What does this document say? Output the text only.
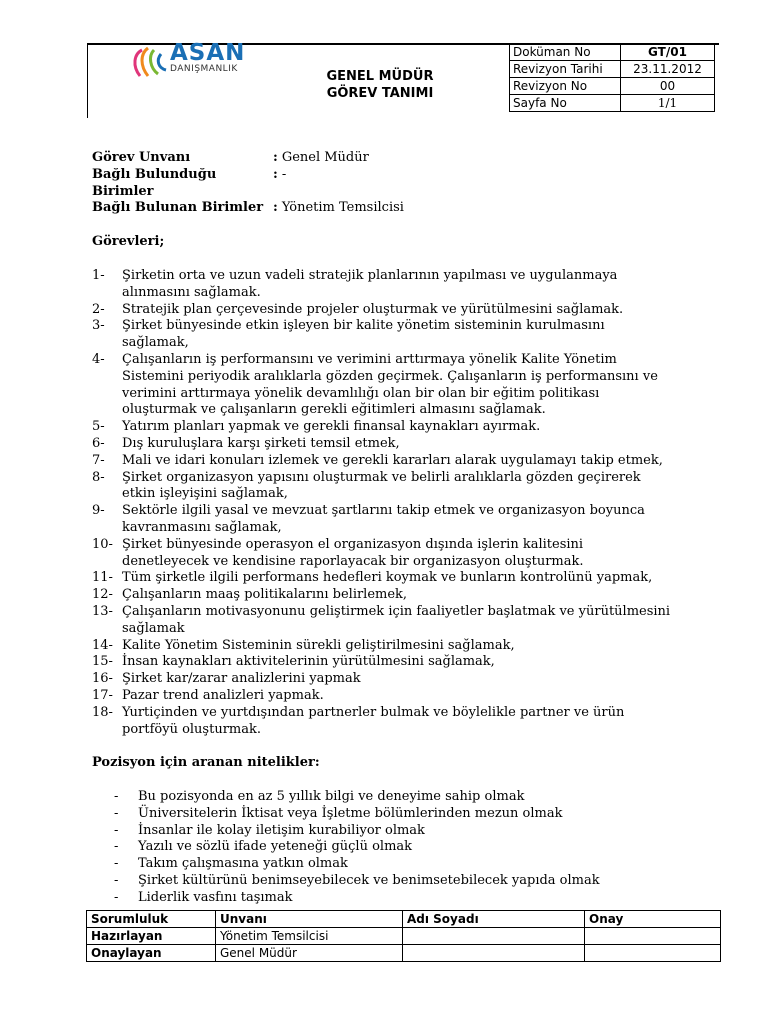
ASAN
DANIŞMANLIK	GENEL MÜDÜR
GÖREV TANIMI
Doküman No	GT/01
Revizyon Tarihi	23.11.2012
Revizyon No	00
Sayfa No	1/1
Görev Unvanı	: Genel Müdür
Bağlı Bulunduğu Birimler
: -
Bağlı Bulunan Birimler : Yönetim Temsilcisi
Görevleri;
1-	Şirketin orta ve uzun vadeli stratejik planlarının yapılması ve uygulanmaya alınmasını sağlamak.
2-	Stratejik plan çerçevesinde projeler oluşturmak ve yürütülmesini sağlamak.
3-	Şirket bünyesinde etkin işleyen bir kalite yönetim sisteminin kurulmasını sağlamak,
4-	Çalışanların iş performansını ve verimini arttırmaya yönelik Kalite Yönetim Sistemini periyodik aralıklarla gözden geçirmek. Çalışanların iş performansını ve verimini arttırmaya yönelik devamlılığı olan bir olan bir eğitim politikası oluşturmak ve çalışanların gerekli eğitimleri almasını sağlamak.
5-	Yatırım planları yapmak ve gerekli finansal kaynakları ayırmak.
6-	Dış kuruluşlara karşı şirketi temsil etmek,
7-	Mali ve idari konuları izlemek ve gerekli kararları alarak uygulamayı takip etmek,
8-	Şirket organizasyon yapısını oluşturmak ve belirli aralıklarla gözden geçirerek etkin işleyişini sağlamak,
9-	Sektörle ilgili yasal ve mevzuat şartlarını takip etmek ve organizasyon boyunca kavranmasını sağlamak,
10- Şirket bünyesinde operasyon el organizasyon dışında işlerin kalitesini denetleyecek ve kendisine raporlayacak bir organizasyon oluşturmak.
11- Tüm şirketle ilgili performans hedefleri koymak ve bunların kontrolünü yapmak,
12- Çalışanların maaş politikalarını belirlemek,
13- Çalışanların motivasyonunu geliştirmek için faaliyetler başlatmak ve yürütülmesini sağlamak
14- Kalite Yönetim Sisteminin sürekli geliştirilmesini sağlamak,
15- İnsan kaynakları aktivitelerinin yürütülmesini sağlamak,
16- Şirket kar/zarar analizlerini yapmak
17- Pazar trend analizleri yapmak.
18- Yurtiçinden ve yurtdışından partnerler bulmak ve böylelikle partner ve ürün portföyü oluşturmak.
Pozisyon için aranan nitelikler:
-	Bu pozisyonda en az 5 yıllık bilgi ve deneyime sahip olmak
-	Üniversitelerin İktisat veya İşletme bölümlerinden mezun olmak
-	İnsanlar ile kolay iletişim kurabiliyor olmak
-	Yazılı ve sözlü ifade yeteneği güçlü olmak
-	Takım çalışmasına yatkın olmak
-	Şirket kültürünü benimseyebilecek ve benimsetebilecek yapıda olmak
-	Liderlik vasfını taşımak
Sorumluluk	Unvanı	Adı Soyadı	Onay
Hazırlayan	Yönetim Temsilcisi		
Onaylayan	Genel Müdür		
